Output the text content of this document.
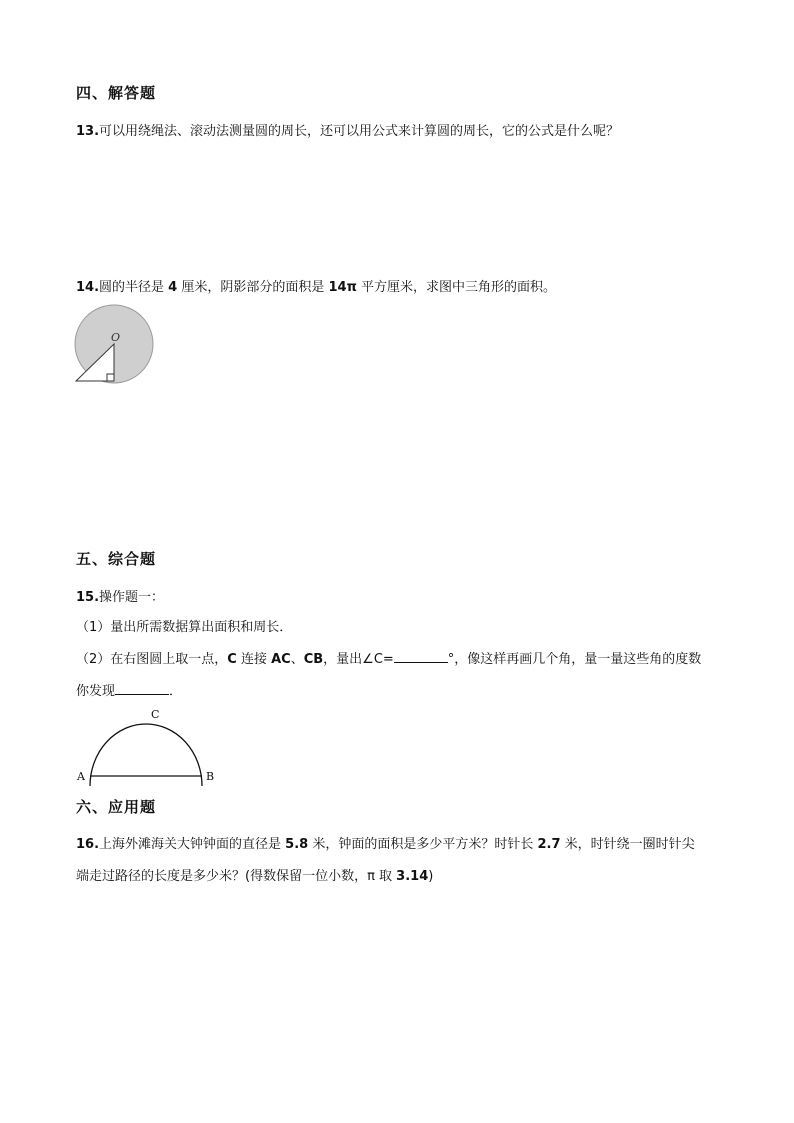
四、解答题
13.可以用绕绳法、滚动法测量圆的周长，还可以用公式来计算圆的周长，它的公式是什么呢？
14.圆的半径是 4 厘米，阴影部分的面积是 14π 平方厘米，求图中三角形的面积。
O
五、综合题
15.操作题一：
（1）量出所需数据算出面积和周长．
（2）在右图圆上取一点，C 连接 AC、CB，量出∠C=	°，像这样再画几个角，量一量这些角的度数
你发现	．
A	B
C
六、应用题
16.上海外滩海关大钟钟面的直径是 5.8 米，钟面的面积是多少平方米？时针长 2.7 米，时针绕一圈时针尖
端走过路径的长度是多少米？(得数保留一位小数，π 取 3.14)
